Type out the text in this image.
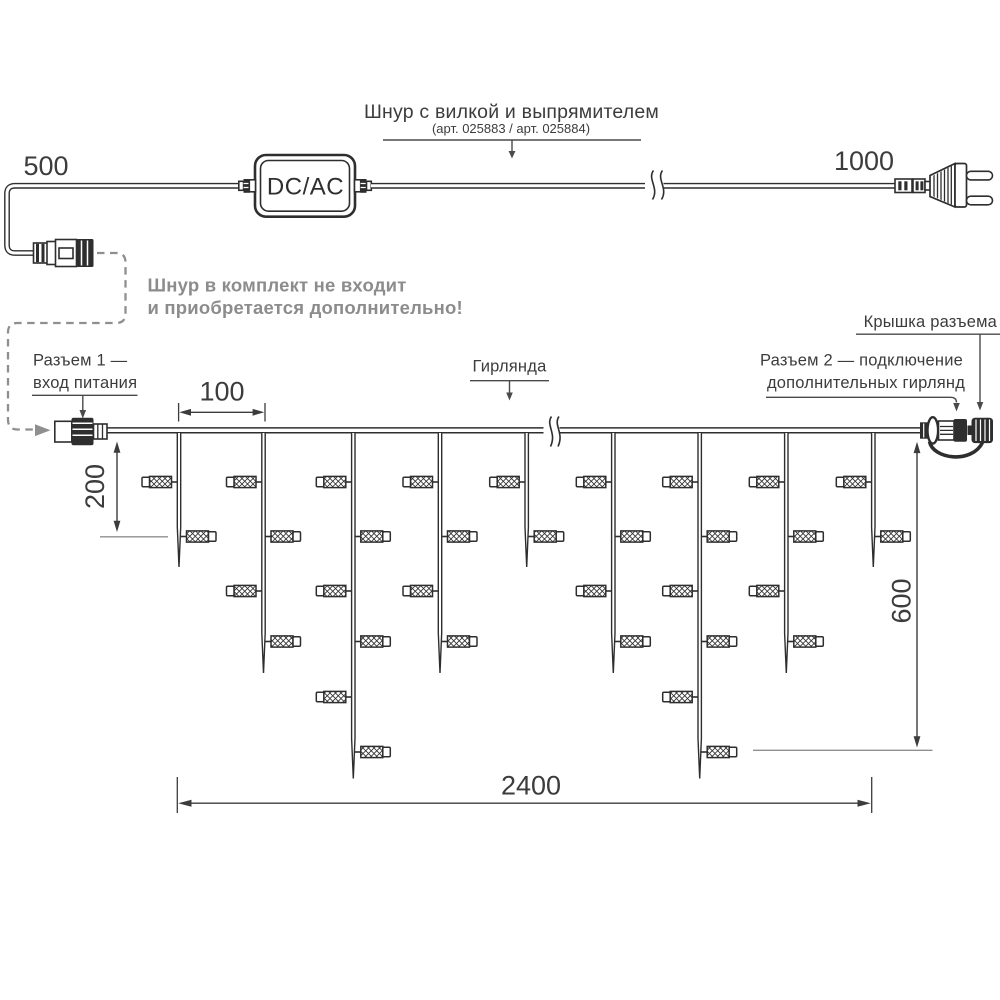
DC/AC
500	1000
Шнур с вилкой и выпрямителем
(арт. 025883 / арт. 025884)
Шнур в комплект не входит
и приобретается дополнительно!
Разъем 1 —
вход питания
Гирлянда
Крышка разъема
Разъем 2 — подключение
дополнительных гирлянд
100
200
600
2400
